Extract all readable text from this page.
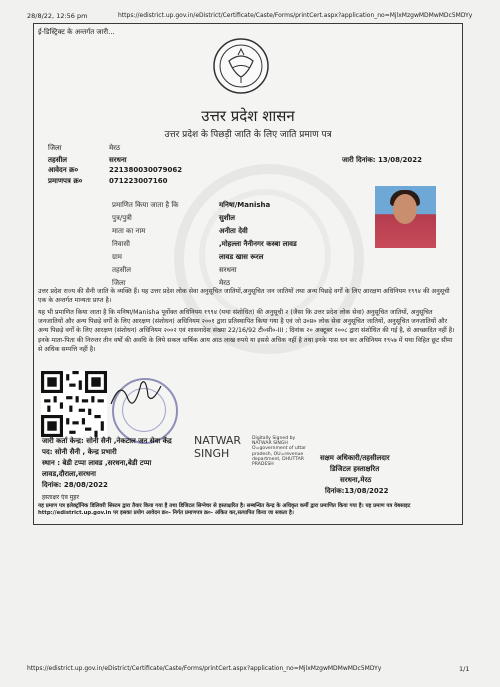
28/8/22, 12:56 pm	https://edistrict.up.gov.in/eDistrict/Certificate/Caste/Forms/printCert.aspx?application_no=MjlxMzgwMDMwMDc5MDYy
ई-डिस्ट्रिक्ट के अन्तर्गत जारी...
उत्तर प्रदेश शासन
उत्तर प्रदेश के पिछड़ी जाति के लिए जाति प्रमाण पत्र
जिला	मेरठ
तहसील	सरधना
आवेदन क्र०	221380030079062
प्रमाणपत्र क्र०	071223007160
जारी दिनांक: 13/08/2022
प्रमाणित किया जाता है कि	मनिषा/Manisha
पुत्र/पुत्री	सुशील
माता का नाम	अनीता देवी
निवासी	,मोहल्ला नैनीनगर कस्बा लावड
ग्राम	लावड खास रूरल
तहसील	सरधना
जिला	मेरठ
उत्तर प्रदेश राज्य की सैनी जाति के व्यक्ति हैं। यह उत्तर प्रदेश लोक सेवा अनुसूचित जातियों,अनुसूचित जन जातियों तथा अन्य पिछड़े वर्गों के लिए आरक्षण अधिनियम १९९४ की अनुसूची एक के अन्तर्गत मान्यता प्राप्त है।
यह भी प्रमाणित किया जाता है कि मनिषा/Manisha पूर्वोक्त अधिनियम १९९४ (यथा संशोधित) की अनुसूची २ (जैसा कि उत्तर प्रदेश लोक सेवा) अनुसूचित जातियों, अनुसूचित जनजातियों और अन्य पिछड़े वर्गों के लिए आरक्षण (संशोधन) अधिनियम २००१ द्वारा प्रतिस्थापित किया गया है एवं जो उ०प्र० लोक सेवा अनुसूचित जातियों, अनुसूचित जनजातियों और अन्य पिछड़े वर्गों के लिए आरक्षण (संशोधन) अधिनियम २००२ एवं शासनादेश संख्या 22/16/92 टी०सी०-III ; दिनांक २० अक्टूबर २००८ द्वारा संशोधित की गई है, से आच्छादित नहीं है।इनके माता-पिता की निरन्तर तीन वर्षों की अवधि के लिये सकल वार्षिक आय आठ लाख रुपये या इससे अधिक नहीं है तथा इनके पास धन कर अधिनियम १९५७ में यथा विहित छूट सीमा से अधिक सम्पत्ति नहीं है।
जारी कर्ता केन्द्र: सोनी सैनी ,नेकटाल जन सेवा केंद्र
पद: सोनी सैनी , केन्द्र प्रभारी
स्थान : बेडी टप्पा लावड ,सरधना,बेडी टप्पा
लावड,दौराला,सरधना
दिनांक: 28/08/2022
हस्ताक्षर एंव मुहर
NATWAR SINGH
Digitally Signed by
NATWAR SINGH
O=government of uttar
pradesh, OU=revenue
department, DHUTTAR
PRADESH
सक्षम अधिकारी/तहसीलदार
डिजिटल हस्ताक्षरित
सरधना,मेरठ
दिनांक:13/08/2022
यह प्रमाण पत्र इलेक्ट्रॉनिक डिलिवरी सिस्टम द्वारा तैयार किया गया है तथा डिजिटल सिग्नेचर से हस्ताक्षरित है। सम्बन्धित केन्द्र के अधिकृत कर्मी द्वारा प्रमाणित किया गया है। यह प्रमाण पत्र वेबसाइट http://edistrict.up.gov.in पर इसका प्रयोग आवेदन क्र०- निर्गत प्रमाणपत्र क्र०- अंकित कर,सत्यापित किया जा सकता है।
https://edistrict.up.gov.in/eDistrict/Certificate/Caste/Forms/printCert.aspx?application_no=MjlxMzgwMDMwMDc5MDYy	1/1
